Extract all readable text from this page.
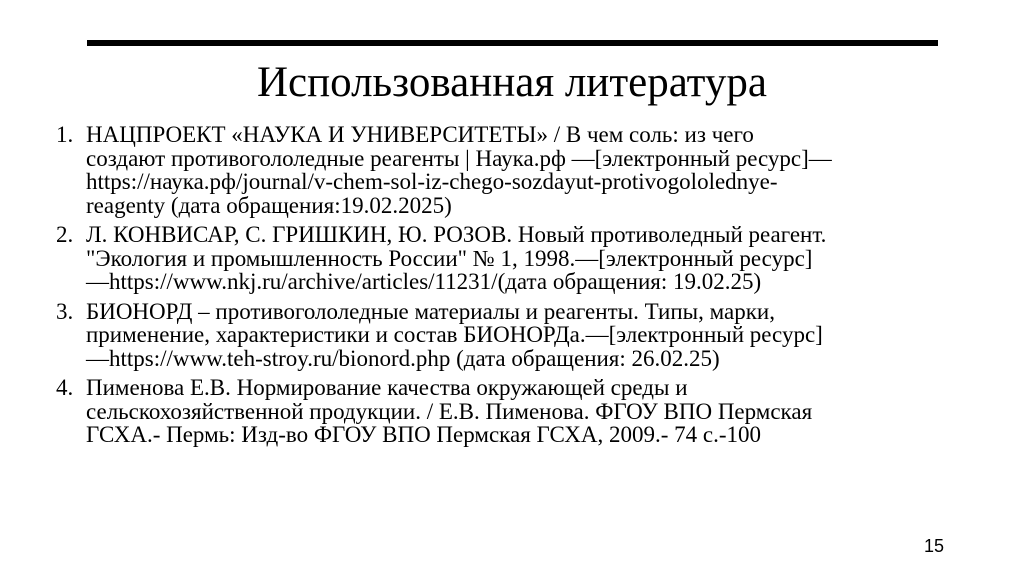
Использованная литература
1. НАЦПРОЕКТ «НАУКА И УНИВЕРСИТЕТЫ» / В чем соль: из чего
создают противогололедные реагенты | Наука.рф —[электронный ресурс]—
https://наука.рф/journal/v-chem-sol-iz-chego-sozdayut-protivogololednye-
reagenty (дата обращения:19.02.2025)
2. Л. КОНВИСАР, С. ГРИШКИН, Ю. РОЗОВ. Новый противоледный реагент.
"Экология и промышленность России" № 1, 1998.—[электронный ресурс]
—https://www.nkj.ru/archive/articles/11231/(дата обращения: 19.02.25)
3. БИОНОРД – противогололедные материалы и реагенты. Типы, марки,
применение, характеристики и состав БИОНОРДа.—[электронный ресурс]
—https://www.teh-stroy.ru/bionord.php (дата обращения: 26.02.25)
4. Пименова Е.В. Нормирование качества окружающей среды и
сельскохозяйственной продукции. / Е.В. Пименова. ФГОУ ВПО Пермская
ГСХА.- Пермь: Изд-во ФГОУ ВПО Пермская ГСХА, 2009.- 74 с.-100
15
